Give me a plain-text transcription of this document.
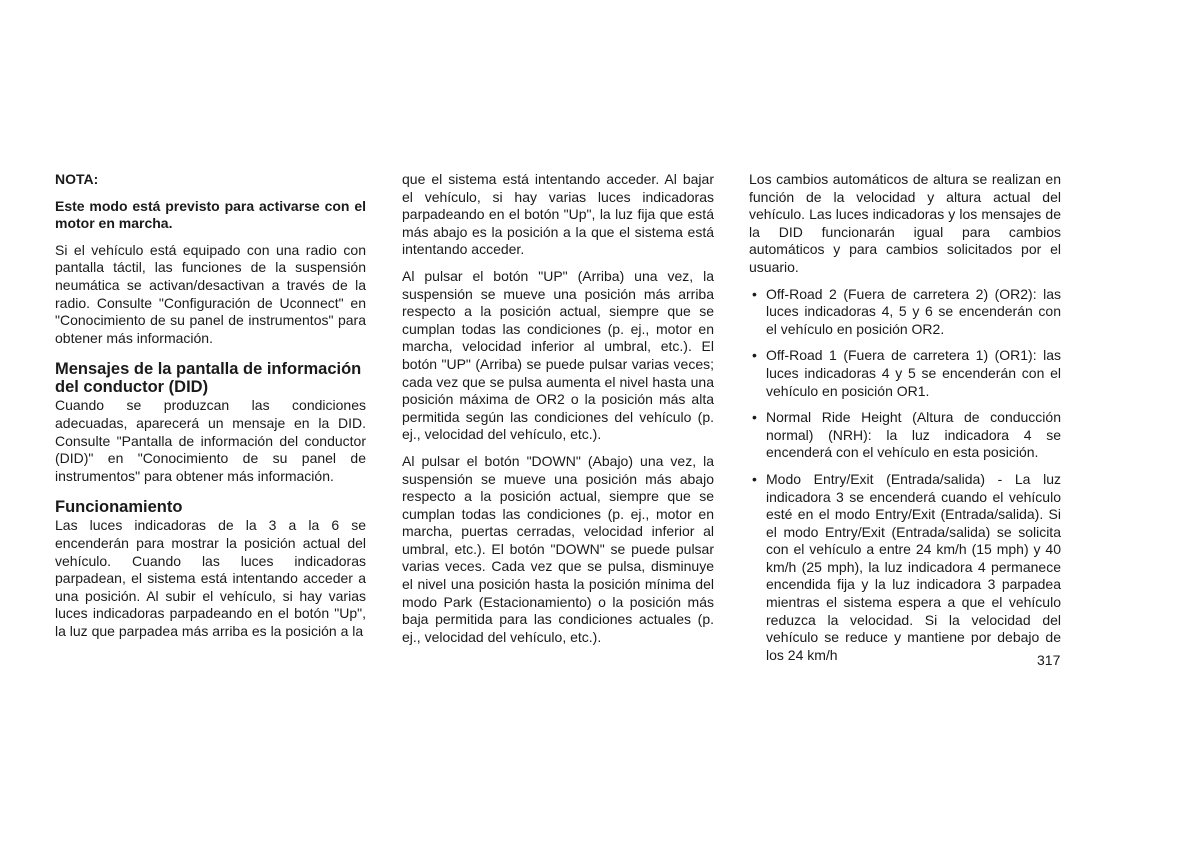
NOTA:

Este modo está previsto para activarse con el motor en marcha.

Si el vehículo está equipado con una radio con pantalla táctil, las funciones de la suspensión neumática se activan/desactivan a través de la radio. Consulte "Configuración de Uconnect" en "Conocimiento de su panel de instrumentos" para obtener más información.

Mensajes de la pantalla de información del conductor (DID)

Cuando se produzcan las condiciones adecuadas, aparecerá un mensaje en la DID. Consulte "Pantalla de información del conductor (DID)" en "Conocimiento de su panel de instrumentos" para obtener más información.

Funcionamiento

Las luces indicadoras de la 3 a la 6 se encenderán para mostrar la posición actual del vehículo. Cuando las luces indicadoras parpadean, el sistema está intentando acceder a una posición. Al subir el vehículo, si hay varias luces indicadoras parpadeando en el botón "Up", la luz que parpadea más arriba es la posición a la

que el sistema está intentando acceder. Al bajar el vehículo, si hay varias luces indicadoras parpadeando en el botón "Up", la luz fija que está más abajo es la posición a la que el sistema está intentando acceder.

Al pulsar el botón "UP" (Arriba) una vez, la suspensión se mueve una posición más arriba respecto a la posición actual, siempre que se cumplan todas las condiciones (p. ej., motor en marcha, velocidad inferior al umbral, etc.). El botón "UP" (Arriba) se puede pulsar varias veces; cada vez que se pulsa aumenta el nivel hasta una posición máxima de OR2 o la posición más alta permitida según las condiciones del vehículo (p. ej., velocidad del vehículo, etc.).

Al pulsar el botón "DOWN" (Abajo) una vez, la suspensión se mueve una posición más abajo respecto a la posición actual, siempre que se cumplan todas las condiciones (p. ej., motor en marcha, puertas cerradas, velocidad inferior al umbral, etc.). El botón "DOWN" se puede pulsar varias veces. Cada vez que se pulsa, disminuye el nivel una posición hasta la posición mínima del modo Park (Estacionamiento) o la posición más baja permitida para las condiciones actuales (p. ej., velocidad del vehículo, etc.).

Los cambios automáticos de altura se realizan en función de la velocidad y altura actual del vehículo. Las luces indicadoras y los mensajes de la DID funcionarán igual para cambios automáticos y para cambios solicitados por el usuario.

• Off-Road 2 (Fuera de carretera 2) (OR2): las luces indicadoras 4, 5 y 6 se encenderán con el vehículo en posición OR2.
• Off-Road 1 (Fuera de carretera 1) (OR1): las luces indicadoras 4 y 5 se encenderán con el vehículo en posición OR1.
• Normal Ride Height (Altura de conducción normal) (NRH): la luz indicadora 4 se encenderá con el vehículo en esta posición.
• Modo Entry/Exit (Entrada/salida) - La luz indicadora 3 se encenderá cuando el vehículo esté en el modo Entry/Exit (Entrada/salida). Si el modo Entry/Exit (Entrada/salida) se solicita con el vehículo a entre 24 km/h (15 mph) y 40 km/h (25 mph), la luz indicadora 4 permanece encendida fija y la luz indicadora 3 parpadea mientras el sistema espera a que el vehículo reduzca la velocidad. Si la velocidad del vehículo se reduce y mantiene por debajo de los 24 km/h	317
